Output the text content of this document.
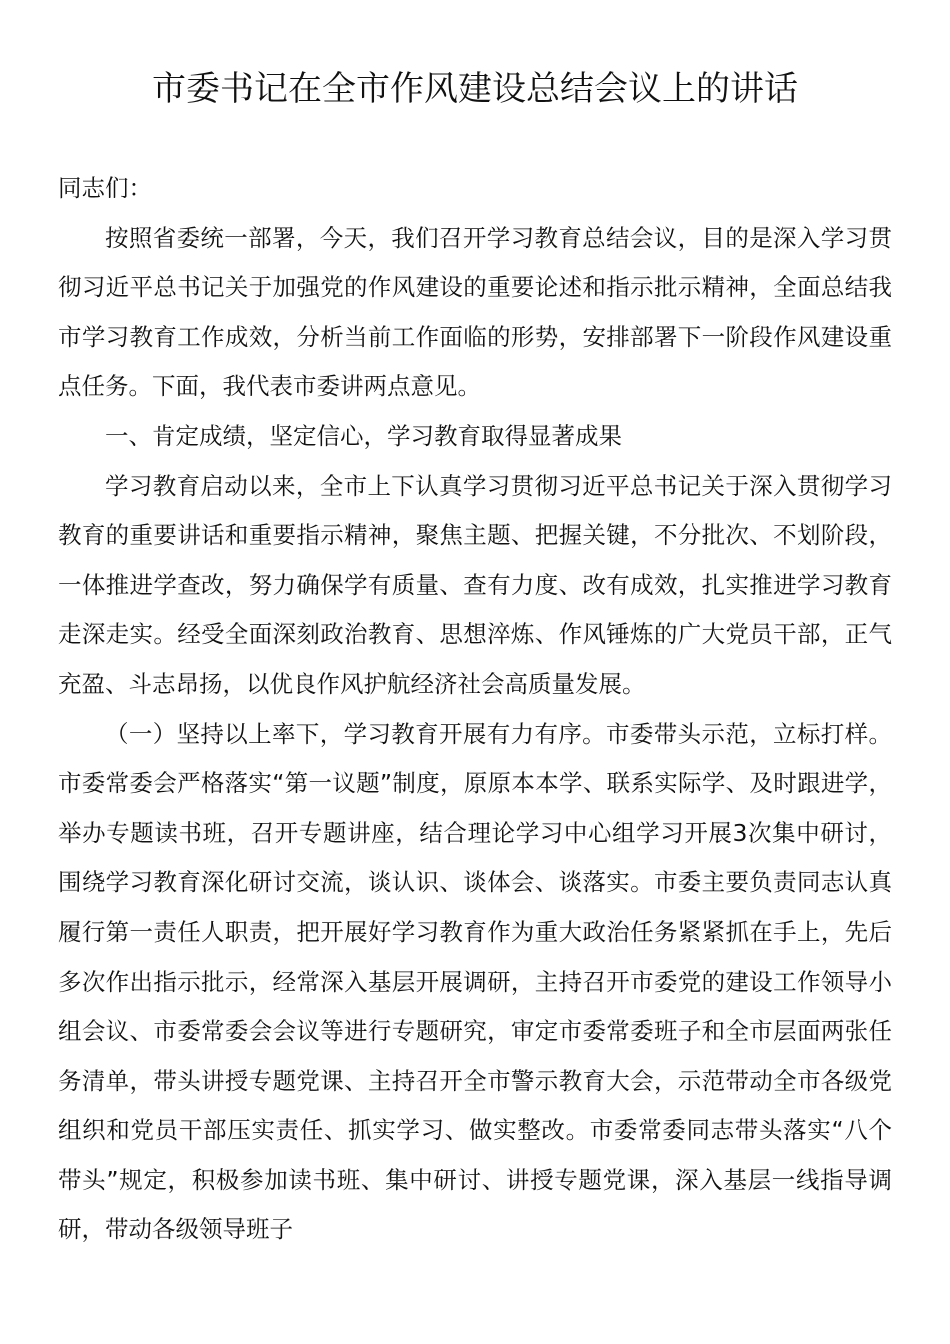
市委书记在全市作风建设总结会议上的讲话

同志们：

按照省委统一部署，今天，我们召开学习教育总结会议，目的是深入学习贯彻习近平总书记关于加强党的作风建设的重要论述和指示批示精神，全面总结我市学习教育工作成效，分析当前工作面临的形势，安排部署下一阶段作风建设重点任务。下面，我代表市委讲两点意见。

一、肯定成绩，坚定信心，学习教育取得显著成果

学习教育启动以来，全市上下认真学习贯彻习近平总书记关于深入贯彻学习教育的重要讲话和重要指示精神，聚焦主题、把握关键，不分批次、不划阶段，一体推进学查改，努力确保学有质量、查有力度、改有成效，扎实推进学习教育走深走实。经受全面深刻政治教育、思想淬炼、作风锤炼的广大党员干部，正气充盈、斗志昂扬，以优良作风护航经济社会高质量发展。

（一）坚持以上率下，学习教育开展有力有序。市委带头示范，立标打样。市委常委会严格落实“第一议题”制度，原原本本学、联系实际学、及时跟进学，举办专题读书班，召开专题讲座，结合理论学习中心组学习开展3次集中研讨，围绕学习教育深化研讨交流，谈认识、谈体会、谈落实。市委主要负责同志认真履行第一责任人职责，把开展好学习教育作为重大政治任务紧紧抓在手上，先后多次作出指示批示，经常深入基层开展调研，主持召开市委党的建设工作领导小组会议、市委常委会会议等进行专题研究，审定市委常委班子和全市层面两张任务清单，带头讲授专题党课、主持召开全市警示教育大会，示范带动全市各级党组织和党员干部压实责任、抓实学习、做实整改。市委常委同志带头落实“八个带头”规定，积极参加读书班、集中研讨、讲授专题党课，深入基层一线指导调研，带动各级领导班子
